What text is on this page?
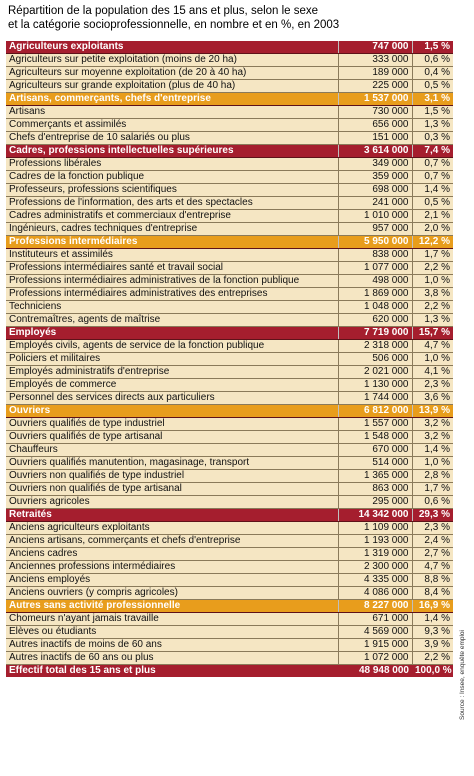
Répartition de la population des 15 ans et plus, selon le sexe
et la catégorie socioprofessionnelle, en nombre et en %, en 2003
Agriculteurs exploitants	747 000	1,5 %
Agriculteurs sur petite exploitation (moins de 20 ha)	333 000	0,6 %
Agriculteurs sur moyenne exploitation (de 20 à 40 ha)	189 000	0,4 %
Agriculteurs sur grande exploitation (plus de 40 ha)	225 000	0,5 %
Artisans, commerçants, chefs d'entreprise	1 537 000	3,1 %
Artisans	730 000	1,5 %
Commerçants et assimilés	656 000	1,3 %
Chefs d'entreprise de 10 salariés ou plus	151 000	0,3 %
Cadres, professions intellectuelles supérieures	3 614 000	7,4 %
Professions libérales	349 000	0,7 %
Cadres de la fonction publique	359 000	0,7 %
Professeurs, professions scientifiques	698 000	1,4 %
Professions de l'information, des arts et des spectacles	241 000	0,5 %
Cadres administratifs et commerciaux d'entreprise	1 010 000	2,1 %
Ingénieurs, cadres techniques d'entreprise	957 000	2,0 %
Professions intermédiaires	5 950 000	12,2 %
Instituteurs et assimilés	838 000	1,7 %
Professions intermédiaires santé et travail social	1 077 000	2,2 %
Professions intermédiaires administratives de la fonction publique	498 000	1,0 %
Professions intermédiaires administratives des entreprises	1 869 000	3,8 %
Techniciens	1 048 000	2,2 %
Contremaîtres, agents de maîtrise	620 000	1,3 %
Employés	7 719 000	15,7 %
Employés civils, agents de service de la fonction publique	2 318 000	4,7 %
Policiers et militaires	506 000	1,0 %
Employés administratifs d'entreprise	2 021 000	4,1 %
Employés de commerce	1 130 000	2,3 %
Personnel des services directs aux particuliers	1 744 000	3,6 %
Ouvriers	6 812 000	13,9 %
Ouvriers qualifiés de type industriel	1 557 000	3,2 %
Ouvriers qualifiés de type artisanal	1 548 000	3,2 %
Chauffeurs	670 000	1,4 %
Ouvriers qualifiés manutention, magasinage, transport	514 000	1,0 %
Ouvriers non qualifiés de type industriel	1 365 000	2,8 %
Ouvriers non qualifiés de type artisanal	863 000	1,7 %
Ouvriers agricoles	295 000	0,6 %
Retraités	14 342 000	29,3 %
Anciens agriculteurs exploitants	1 109 000	2,3 %
Anciens artisans, commerçants et chefs d'entreprise	1 193 000	2,4 %
Anciens cadres	1 319 000	2,7 %
Anciennes professions intermédiaires	2 300 000	4,7 %
Anciens employés	4 335 000	8,8 %
Anciens ouvriers (y compris agricoles)	4 086 000	8,4 %
Autres sans activité professionnelle	8 227 000	16,9 %
Chomeurs n'ayant jamais travaille	671 000	1,4 %
Elèves ou étudiants	4 569 000	9,3 %
Autres inactifs de moins de 60 ans	1 915 000	3,9 %
Autres inactifs de 60 ans ou plus	1 072 000	2,2 %
Effectif total des 15 ans et plus	48 948 000	100,0 % Source : Insee, enquête emploi
